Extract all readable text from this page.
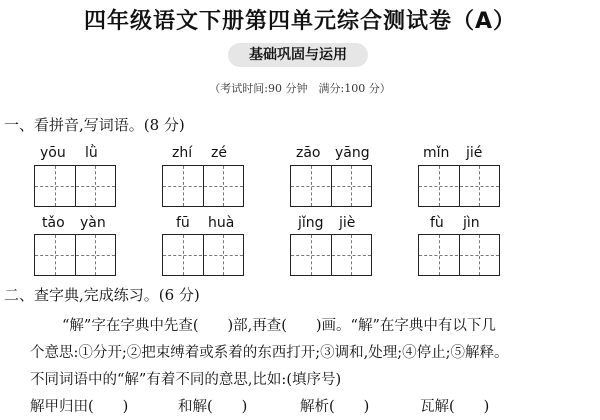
四年级语文下册第四单元综合测试卷（A）
基础巩固与运用
（考试时间:90 分钟　满分:100 分）
一、看拼音,写词语。(8 分)
yōu lǜ	zhí zé	zāo yāng	mǐn jié
tǎo yàn	fū huà	jǐng jiè	fù jìn
二、查字典,完成练习。(6 分)
“解”字在字典中先查(　　)部,再查(　　)画。“解”在字典中有以下几
个意思:①分开;②把束缚着或系着的东西打开;③调和,处理;④停止;⑤解释。
不同词语中的“解”有着不同的意思,比如:(填序号)
解甲归田(　　)	和解(　　)	解析(　　)	瓦解(　　)
